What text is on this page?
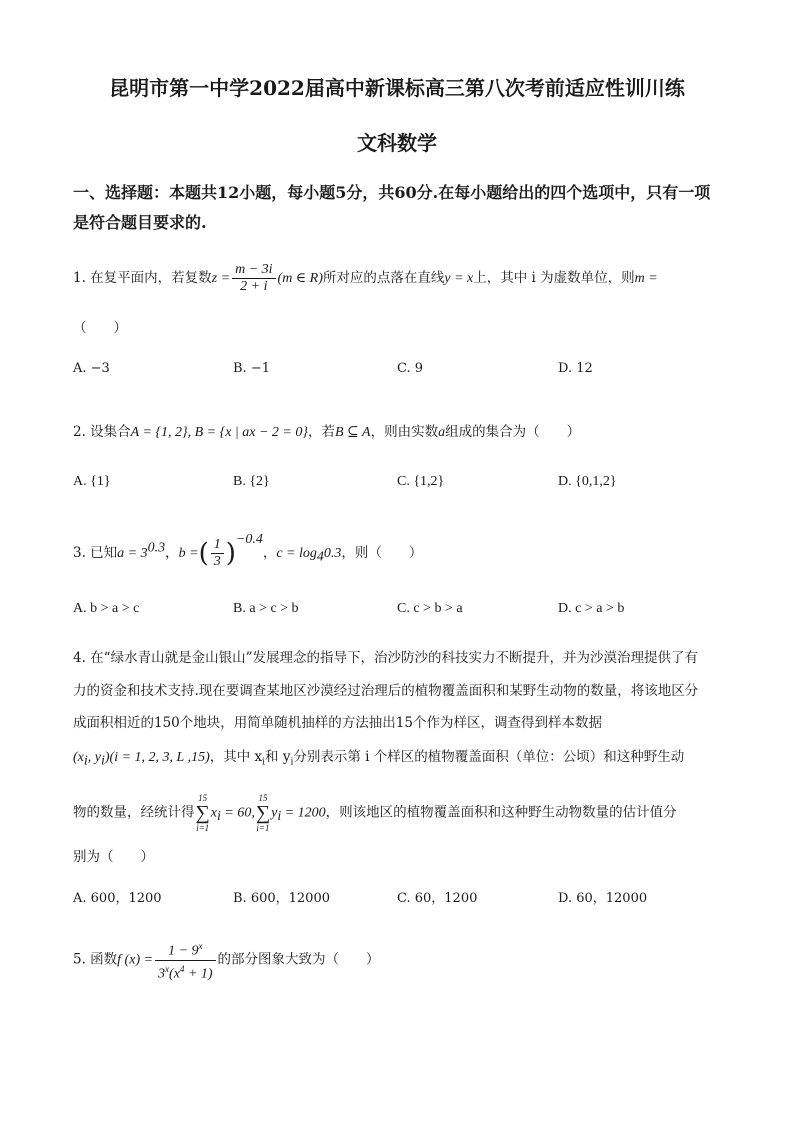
昆明市第一中学2022届高中新课标高三第八次考前适应性训川练
文科数学
一、选择题：本题共12小题，每小题5分，共60分.在每小题给出的四个选项中，只有一项
是符合题目要求的.
1. 在复平面内，若复数$z = \frac{m - 3i}{2 + i} (m$ ∈ R)所对应的点落在直线y = x上，其中 i 为虚数单位，则m =
（　　）
A. −3	B. −1	C. 9	D. 12
2. 设集合A = {1, 2}, B = {x | ax − 2 = 0}，若B ⊆ A，则由实数a组成的集合为（　　）
A. {1}	B. {2}	C. {1,2}	D. {0,1,2}
3. 已知$a = 3^{0.3}$，b =( $\frac{1}{3} )^{-0.4}$，$c = \log_40.3$，则（　　）
A. b > a > c	B. a > c > b	C. c > b > a	D. c > a > b
4. 在“绿水青山就是金山银山”发展理念的指导下，治沙防沙的科技实力不断提升，并为沙漠治理提供了有
力的资金和技术支持.现在要调查某地区沙漠经过治理后的植物覆盖面积和某野生动物的数量，将该地区分
成面积相近的150个地块，用简单随机抽样的方法抽出15个作为样区，调查得到样本数据
($x_i$, $y_i)(i = 1$, 2, 3, L ,15)，其中 $x_i$和 $y_i$分别表示第 i 个样区的植物覆盖面积（单位：公顷）和这种野生动
物的数量，经统计得15
∑
$i=1x_i = 60,15$
∑
$i=1y_i = 1200$，则该地区的植物覆盖面积和这种野生动物数量的估计值分
别为（　　）
A. 600，1200	B. 600，12000	C. 60，1200	D. 60，12000
5. 函数f $(x) = \frac{1 - 9^x}{3^x(x^4 + 1)}$ 的部分图象大致为（　　）
